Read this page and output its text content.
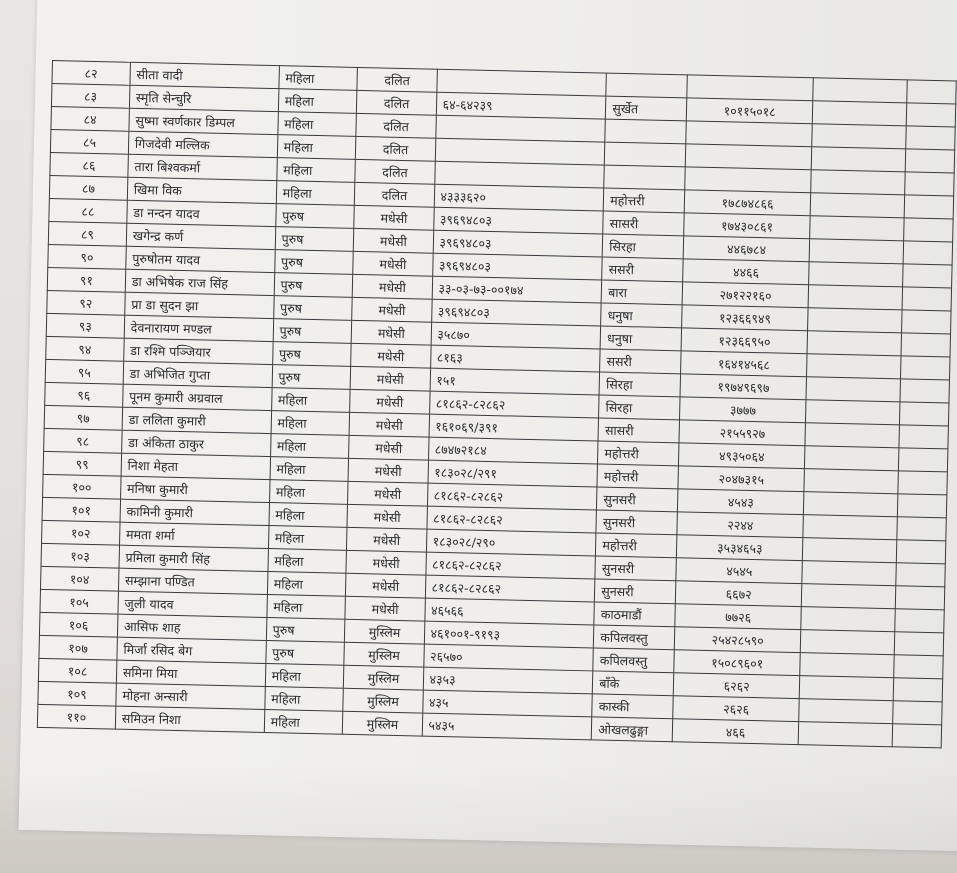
८२	सीता वादी	महिला	दलित					
८३	स्मृति सेन्चुरि	महिला	दलित	६४-६४२३९	सुर्खेत	१०११५०१८		
८४	सुष्मा स्वर्णकार डिम्पल	महिला	दलित					
८५	गिजदेवी मल्लिक	महिला	दलित					
८६	तारा बिश्वकर्मा	महिला	दलित					
८७	खिमा विक	महिला	दलित	४३३३६२०	महोत्तरी	१७८७४८६६		
८८	डा नन्दन यादव	पुरुष	मधेसी	३९६९४८०३	सासरी	१७४३०८६१		
८९	खगेन्द्र कर्ण	पुरुष	मधेसी	३९६९४८०३	सिरहा	४४६७८४		
९०	पुरुषोतम यादव	पुरुष	मधेसी	३९६९४८०३	ससरी	४४६६		
९१	डा अभिषेक राज सिंह	पुरुष	मधेसी	३३-०३-७३-००१७४	बारा	२७१२२१६०		
९२	प्रा डा सुदन झा	पुरुष	मधेसी	३९६९४८०३	धनुषा	१२३६६९४९		
९३	देवनारायण मण्डल	पुरुष	मधेसी	३५८७०	धनुषा	१२३६६९५०		
९४	डा रश्मि पञ्जियार	पुरुष	मधेसी	८१६३	ससरी	१६४१४५६८		
९५	डा अभिजित गुप्ता	पुरुष	मधेसी	१५१	सिरहा	१९७४९६९७		
९६	पूनम कुमारी अग्रवाल	महिला	मधेसी	८१८६२-८२८६२	सिरहा	३७७७		
९७	डा ललिता कुमारी	महिला	मधेसी	१६१०६९/३९१	सासरी	२१५५९२७		
९८	डा अंकिता ठाकुर	महिला	मधेसी	८७४७२१८४	महोत्तरी	४९३५०६४		
९९	निशा मेहता	महिला	मधेसी	१८३०२८/२९१	महोत्तरी	२०४७३१५		
१००	मनिषा कुमारी	महिला	मधेसी	८१८६२-८२८६२	सुनसरी	४५४३		
१०१	कामिनी कुमारी	महिला	मधेसी	८१८६२-८२८६२	सुनसरी	२२४४		
१०२	ममता शर्मा	महिला	मधेसी	१८३०२८/२९०	महोत्तरी	३५३४६५३		
१०३	प्रमिला कुमारी सिंह	महिला	मधेसी	८१८६२-८२८६२	सुनसरी	४५४५		
१०४	सम्झाना पण्डित	महिला	मधेसी	८१८६२-८२८६२	सुनसरी	६६७२		
१०५	जुली यादव	महिला	मधेसी	४६५६६	काठमाडौं	७७२६		
१०६	आसिफ शाह	पुरुष	मुस्लिम	४६१००१-९१९३	कपिलवस्तु	२५४२८५९०		
१०७	मिर्जा रसिद बेग	पुरुष	मुस्लिम	२६५७०	कपिलवस्तु	१५०८९६०१		
१०८	समिना मिया	महिला	मुस्लिम	४३५३	बाँके	६२६२		
१०९	मोहना अन्सारी	महिला	मुस्लिम	४३५	कास्की	२६२६		
११०	समिउन निशा	महिला	मुस्लिम	५४३५	ओखलढुङ्गा	४६६		
